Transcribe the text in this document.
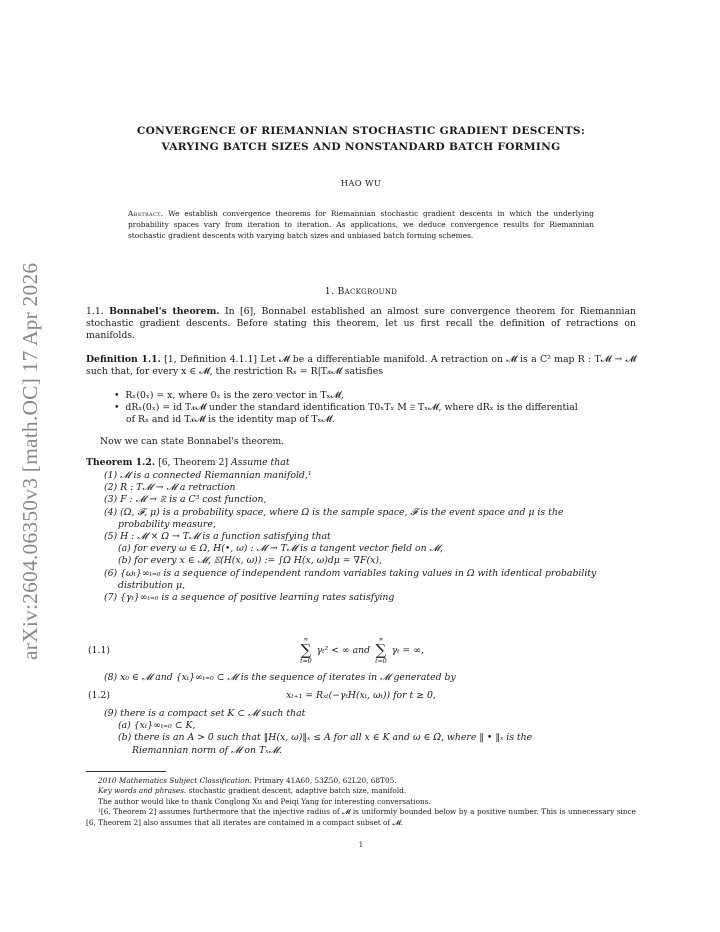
arXiv:2604.06350v3 [math.OC] 17 Apr 2026
CONVERGENCE OF RIEMANNIAN STOCHASTIC GRADIENT DESCENTS:
VARYING BATCH SIZES AND NONSTANDARD BATCH FORMING
HAO WU
Abstract. We establish convergence theorems for Riemannian stochastic gradient descents in which the underlying probability spaces vary from iteration to iteration. As applications, we deduce convergence results for Riemannian stochastic gradient descents with varying batch sizes and unbiased batch forming schemes.
1. Background
1.1. Bonnabel's theorem. In [6], Bonnabel established an almost sure convergence theorem for Riemannian stochastic gradient descents. Before stating this theorem, let us first recall the definition of retractions on manifolds.
Definition 1.1. [1, Definition 4.1.1] Let 𝓜 be a differentiable manifold. A retraction on 𝓜 is a C² map R : T𝓜 → 𝓜 such that, for every x ∈ 𝓜, the restriction Rₓ = R|T𝓍𝓜 satisfies
•  Rₓ(0ₓ) = x, where 0ₓ is the zero vector in Tₓ𝓜,
•  dRₓ(0ₓ) = id T𝓍𝓜 under the standard identification T0ₓTₓ M ≅ Tₓ𝓜, where dRₓ is the differential
of Rₓ and id T𝓍𝓜 is the identity map of Tₓ𝓜.
Now we can state Bonnabel's theorem.
Theorem 1.2. [6, Theorem 2] Assume that
(1) 𝓜 is a connected Riemannian manifold,¹
(2) R : T𝓜 → 𝓜 a retraction
(3) F : 𝓜 → ℝ is a C³ cost function,
(4) (Ω, 𝓕, μ) is a probability space, where Ω is the sample space, 𝓕 is the event space and μ is the
probability measure,
(5) H : 𝓜 × Ω → T𝓜 is a function satisfying that
(a) for every ω ∈ Ω, H(•, ω) : 𝓜 → T𝓜 is a tangent vector field on 𝓜,
(b) for every x ∈ 𝓜, 𝔼(H(x, ω)) := ∫Ω H(x, ω)dμ = ∇F(x),
(6) {ωₜ}∞ₜ₌₀ is a sequence of independent random variables taking values in Ω with identical probability
distribution μ,
(7) {γₜ}∞ₜ₌₀ is a sequence of positive learning rates satisfying
(1.1)
∞
∑
t=0
γₜ² < ∞ and
∞
∑
t=0
γₜ = ∞,
(8) x₀ ∈ 𝓜 and {xₜ}∞ₜ₌₀ ⊂ 𝓜 is the sequence of iterates in 𝓜 generated by
(1.2)	xₜ₊₁ = Rₓₜ(−γₜH(xₜ, ωₜ)) for t ≥ 0,
(9) there is a compact set K ⊂ 𝓜 such that
(a) {xₜ}∞ₜ₌₀ ⊂ K,
(b) there is an A > 0 such that ‖H(x, ω)‖ₓ ≤ A for all x ∈ K and ω ∈ Ω, where ‖ • ‖ₓ is the
Riemannian norm of 𝓜 on Tₓ𝓜.
2010 Mathematics Subject Classification. Primary 41A60, 53Z50, 62L20, 68T05.
Key words and phrases. stochastic gradient descent, adaptive batch size, manifold.
The author would like to thank Conglong Xu and Peiqi Yang for interesting conversations.
¹[6, Theorem 2] assumes furthermore that the injective radius of 𝓜 is uniformly bounded below by a positive number. This is unnecessary since [6, Theorem 2] also assumes that all iterates are contained in a compact subset of 𝓜.
1
